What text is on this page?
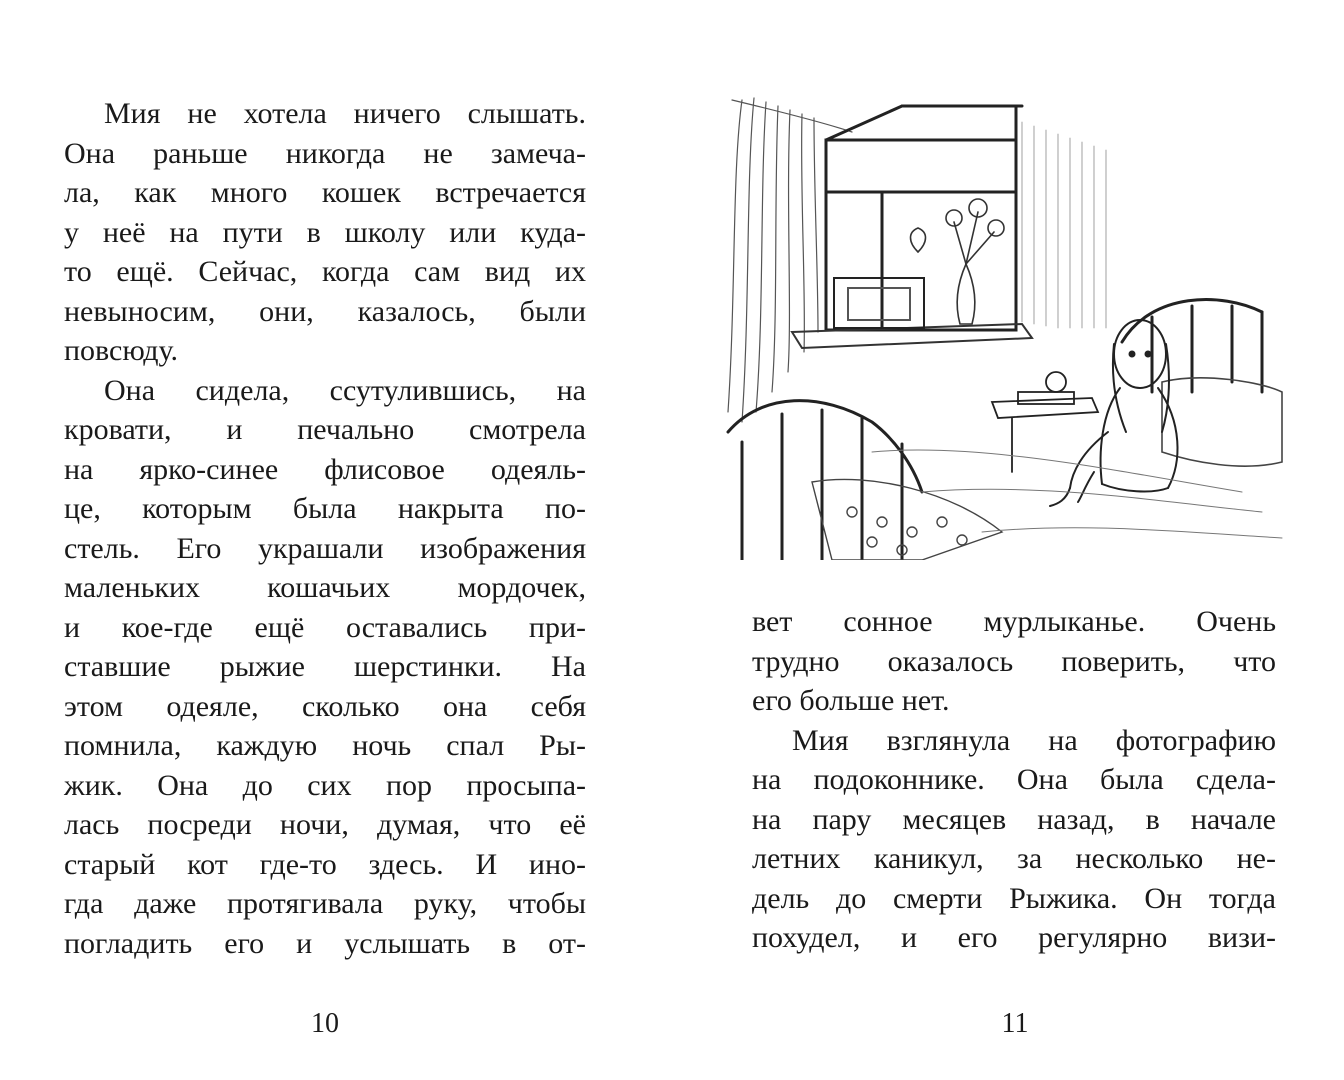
Мия не хотела ничего слышать.
Она раньше никогда не замеча-
ла, как много кошек встречается
у неё на пути в школу или куда-
то ещё. Сейчас, когда сам вид их
невыносим, они, казалось, были
повсюду.
Она сидела, ссутулившись, на
кровати, и печально смотрела
на ярко-синее флисовое одеяль-
це, которым была накрыта по-
стель. Его украшали изображения
маленьких кошачьих мордочек,
и кое-где ещё оставались при-
ставшие рыжие шерстинки. На
этом одеяле, сколько она себя
помнила, каждую ночь спал Ры-
жик. Она до сих пор просыпа-
лась посреди ночи, думая, что её
старый кот где-то здесь. И ино-
гда даже протягивала руку, чтобы
погладить его и услышать в от-
10
вет сонное мурлыканье. Очень
трудно оказалось поверить, что
его больше нет.
Мия взглянула на фотографию
на подоконнике. Она была сдела-
на пару месяцев назад, в начале
летних каникул, за несколько не-
дель до смерти Рыжика. Он тогда
похудел, и его регулярно визи-
11
